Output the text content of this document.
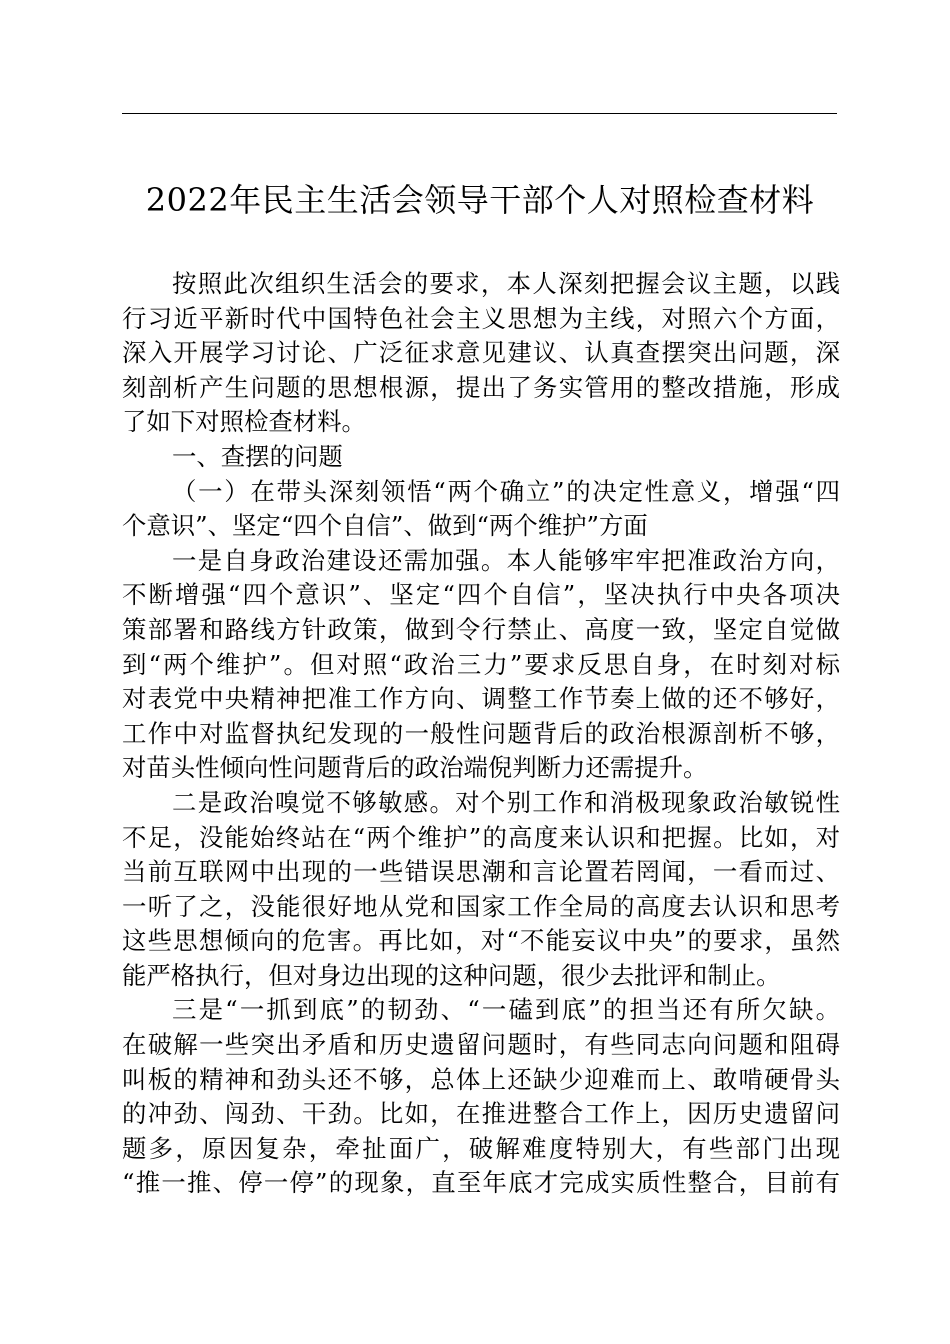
2022年民主生活会领导干部个人对照检查材料
按照此次组织生活会的要求，本人深刻把握会议主题，以践
行习近平新时代中国特色社会主义思想为主线，对照六个方面，
深入开展学习讨论、广泛征求意见建议、认真查摆突出问题，深
刻剖析产生问题的思想根源，提出了务实管用的整改措施，形成
了如下对照检查材料。
一、查摆的问题
（一）在带头深刻领悟“两个确立”的决定性意义，增强“四
个意识”、坚定“四个自信”、做到“两个维护”方面
一是自身政治建设还需加强。本人能够牢牢把准政治方向，
不断增强“四个意识”、坚定“四个自信”，坚决执行中央各项决
策部署和路线方针政策，做到令行禁止、高度一致，坚定自觉做
到“两个维护”。但对照“政治三力”要求反思自身，在时刻对标
对表党中央精神把准工作方向、调整工作节奏上做的还不够好，
工作中对监督执纪发现的一般性问题背后的政治根源剖析不够，
对苗头性倾向性问题背后的政治端倪判断力还需提升。
二是政治嗅觉不够敏感。对个别工作和消极现象政治敏锐性
不足，没能始终站在“两个维护”的高度来认识和把握。比如，对
当前互联网中出现的一些错误思潮和言论置若罔闻，一看而过、
一听了之，没能很好地从党和国家工作全局的高度去认识和思考
这些思想倾向的危害。再比如，对“不能妄议中央”的要求，虽然
能严格执行，但对身边出现的这种问题，很少去批评和制止。
三是“一抓到底”的韧劲、“一磕到底”的担当还有所欠缺。
在破解一些突出矛盾和历史遗留问题时，有些同志向问题和阻碍
叫板的精神和劲头还不够，总体上还缺少迎难而上、敢啃硬骨头
的冲劲、闯劲、干劲。比如，在推进整合工作上，因历史遗留问
题多，原因复杂，牵扯面广，破解难度特别大，有些部门出现
“推一推、停一停”的现象，直至年底才完成实质性整合，目前有
